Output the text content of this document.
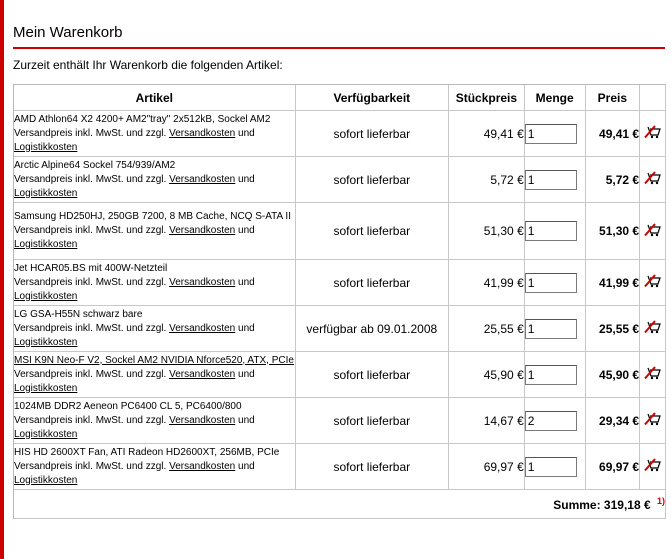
Mein Warenkorb
Zurzeit enthält Ihr Warenkorb die folgenden Artikel:
Artikel	Verfügbarkeit	Stückpreis	Menge	Preis	
AMD Athlon64 X2 4200+ AM2"tray" 2x512kB, Sockel AM2
Versandpreis inkl. MwSt. und zzgl. Versandkosten und
Logistikkosten	sofort lieferbar	49,41 €	1	49,41 €	
Arctic Alpine64 Sockel 754/939/AM2
Versandpreis inkl. MwSt. und zzgl. Versandkosten und
Logistikkosten	sofort lieferbar	5,72 €	1	5,72 €	
Samsung HD250HJ, 250GB 7200, 8 MB Cache, NCQ S-ATA II
Versandpreis inkl. MwSt. und zzgl. Versandkosten und
Logistikkosten	sofort lieferbar	51,30 €	1	51,30 €	
Jet HCAR05.BS mit 400W-Netzteil
Versandpreis inkl. MwSt. und zzgl. Versandkosten und
Logistikkosten	sofort lieferbar	41,99 €	1	41,99 €	
LG GSA-H55N schwarz bare
Versandpreis inkl. MwSt. und zzgl. Versandkosten und
Logistikkosten	verfügbar ab 09.01.2008	25,55 €	1	25,55 €	
MSI K9N Neo-F V2, Sockel AM2 NVIDIA Nforce520, ATX, PCIe
Versandpreis inkl. MwSt. und zzgl. Versandkosten und
Logistikkosten	sofort lieferbar	45,90 €	1	45,90 €	
1024MB DDR2 Aeneon PC6400 CL 5, PC6400/800
Versandpreis inkl. MwSt. und zzgl. Versandkosten und
Logistikkosten	sofort lieferbar	14,67 €	2	29,34 €	
HIS HD 2600XT Fan, ATI Radeon HD2600XT, 256MB, PCIe
Versandpreis inkl. MwSt. und zzgl. Versandkosten und
Logistikkosten	sofort lieferbar	69,97 €	1	69,97 €	
Summe: 319,18 € $^{1)}$
